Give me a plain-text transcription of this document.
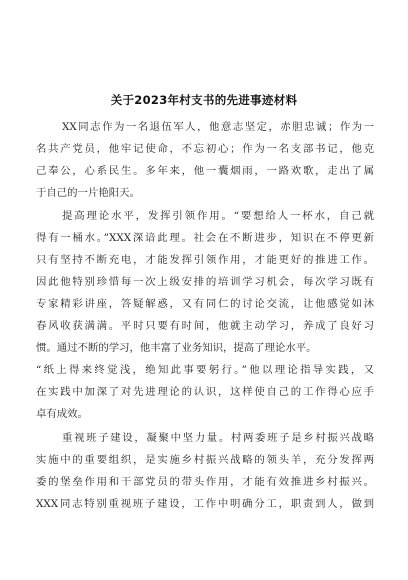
关于2023年村支书的先进事迹材料
XX同志作为一名退伍军人，他意志坚定，赤胆忠诚；作为一
名共产党员，他牢记使命，不忘初心；作为一名支部书记，他克
己奉公，心系民生。多年来，他一囊烟雨，一路欢歌，走出了属
于自己的一片艳阳天。
提高理论水平，发挥引领作用。“要想给人一杯水，自己就
得有一桶水。”XXX深谙此理。社会在不断进步，知识在不停更新
只有坚持不断充电，才能发挥引领作用，才能更好的推进工作。
因此他特别珍惜每一次上级安排的培训学习机会，每次学习既有
专家精彩讲座，答疑解惑，又有同仁的讨论交流，让他感觉如沐
春风收获满满。平时只要有时间，他就主动学习，养成了良好习
惯。通过不断的学习，他丰富了业务知识，提高了理论水平。
“纸上得来终觉浅，绝知此事要躬行。”他以理论指导实践，又
在实践中加深了对先进理论的认识，这样使自己的工作得心应手
卓有成效。
重视班子建设，凝聚中坚力量。村两委班子是乡村振兴战略
实施中的重要组织，是实施乡村振兴战略的领头羊，充分发挥两
委的堡垒作用和干部党员的带头作用，才能有效推进乡村振兴。
XXX同志特别重视班子建设，工作中明确分工，职责到人，做到
